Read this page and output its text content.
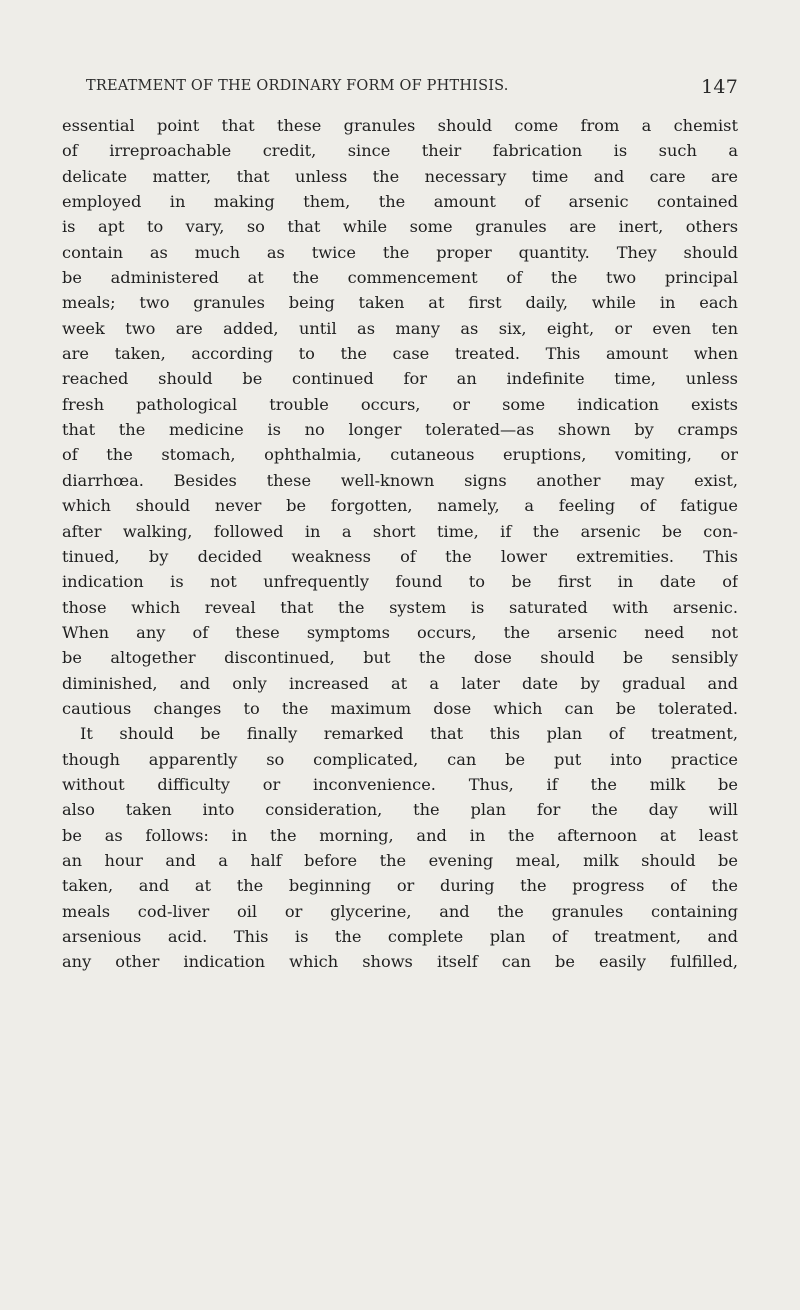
TREATMENT OF THE ORDINARY FORM OF PHTHISIS.	147
essential point that these granules should come from a chemist
of irreproachable credit, since their fabrication is such a
delicate matter, that unless the necessary time and care are
employed in making them, the amount of arsenic contained
is apt to vary, so that while some granules are inert, others
contain as much as twice the proper quantity. They should
be administered at the commencement of the two principal
meals; two granules being taken at first daily, while in each
week two are added, until as many as six, eight, or even ten
are taken, according to the case treated. This amount when
reached should be continued for an indefinite time, unless
fresh pathological trouble occurs, or some indication exists
that the medicine is no longer tolerated—as shown by cramps
of the stomach, ophthalmia, cutaneous eruptions, vomiting, or
diarrhœa. Besides these well-known signs another may exist,
which should never be forgotten, namely, a feeling of fatigue
after walking, followed in a short time, if the arsenic be con-
tinued, by decided weakness of the lower extremities. This
indication is not unfrequently found to be first in date of
those which reveal that the system is saturated with arsenic.
When any of these symptoms occurs, the arsenic need not
be altogether discontinued, but the dose should be sensibly
diminished, and only increased at a later date by gradual and
cautious changes to the maximum dose which can be tolerated.
It should be finally remarked that this plan of treatment,
though apparently so complicated, can be put into practice
without difficulty or inconvenience. Thus, if the milk be
also taken into consideration, the plan for the day will
be as follows: in the morning, and in the afternoon at least
an hour and a half before the evening meal, milk should be
taken, and at the beginning or during the progress of the
meals cod-liver oil or glycerine, and the granules containing
arsenious acid. This is the complete plan of treatment, and
any other indication which shows itself can be easily fulfilled,
